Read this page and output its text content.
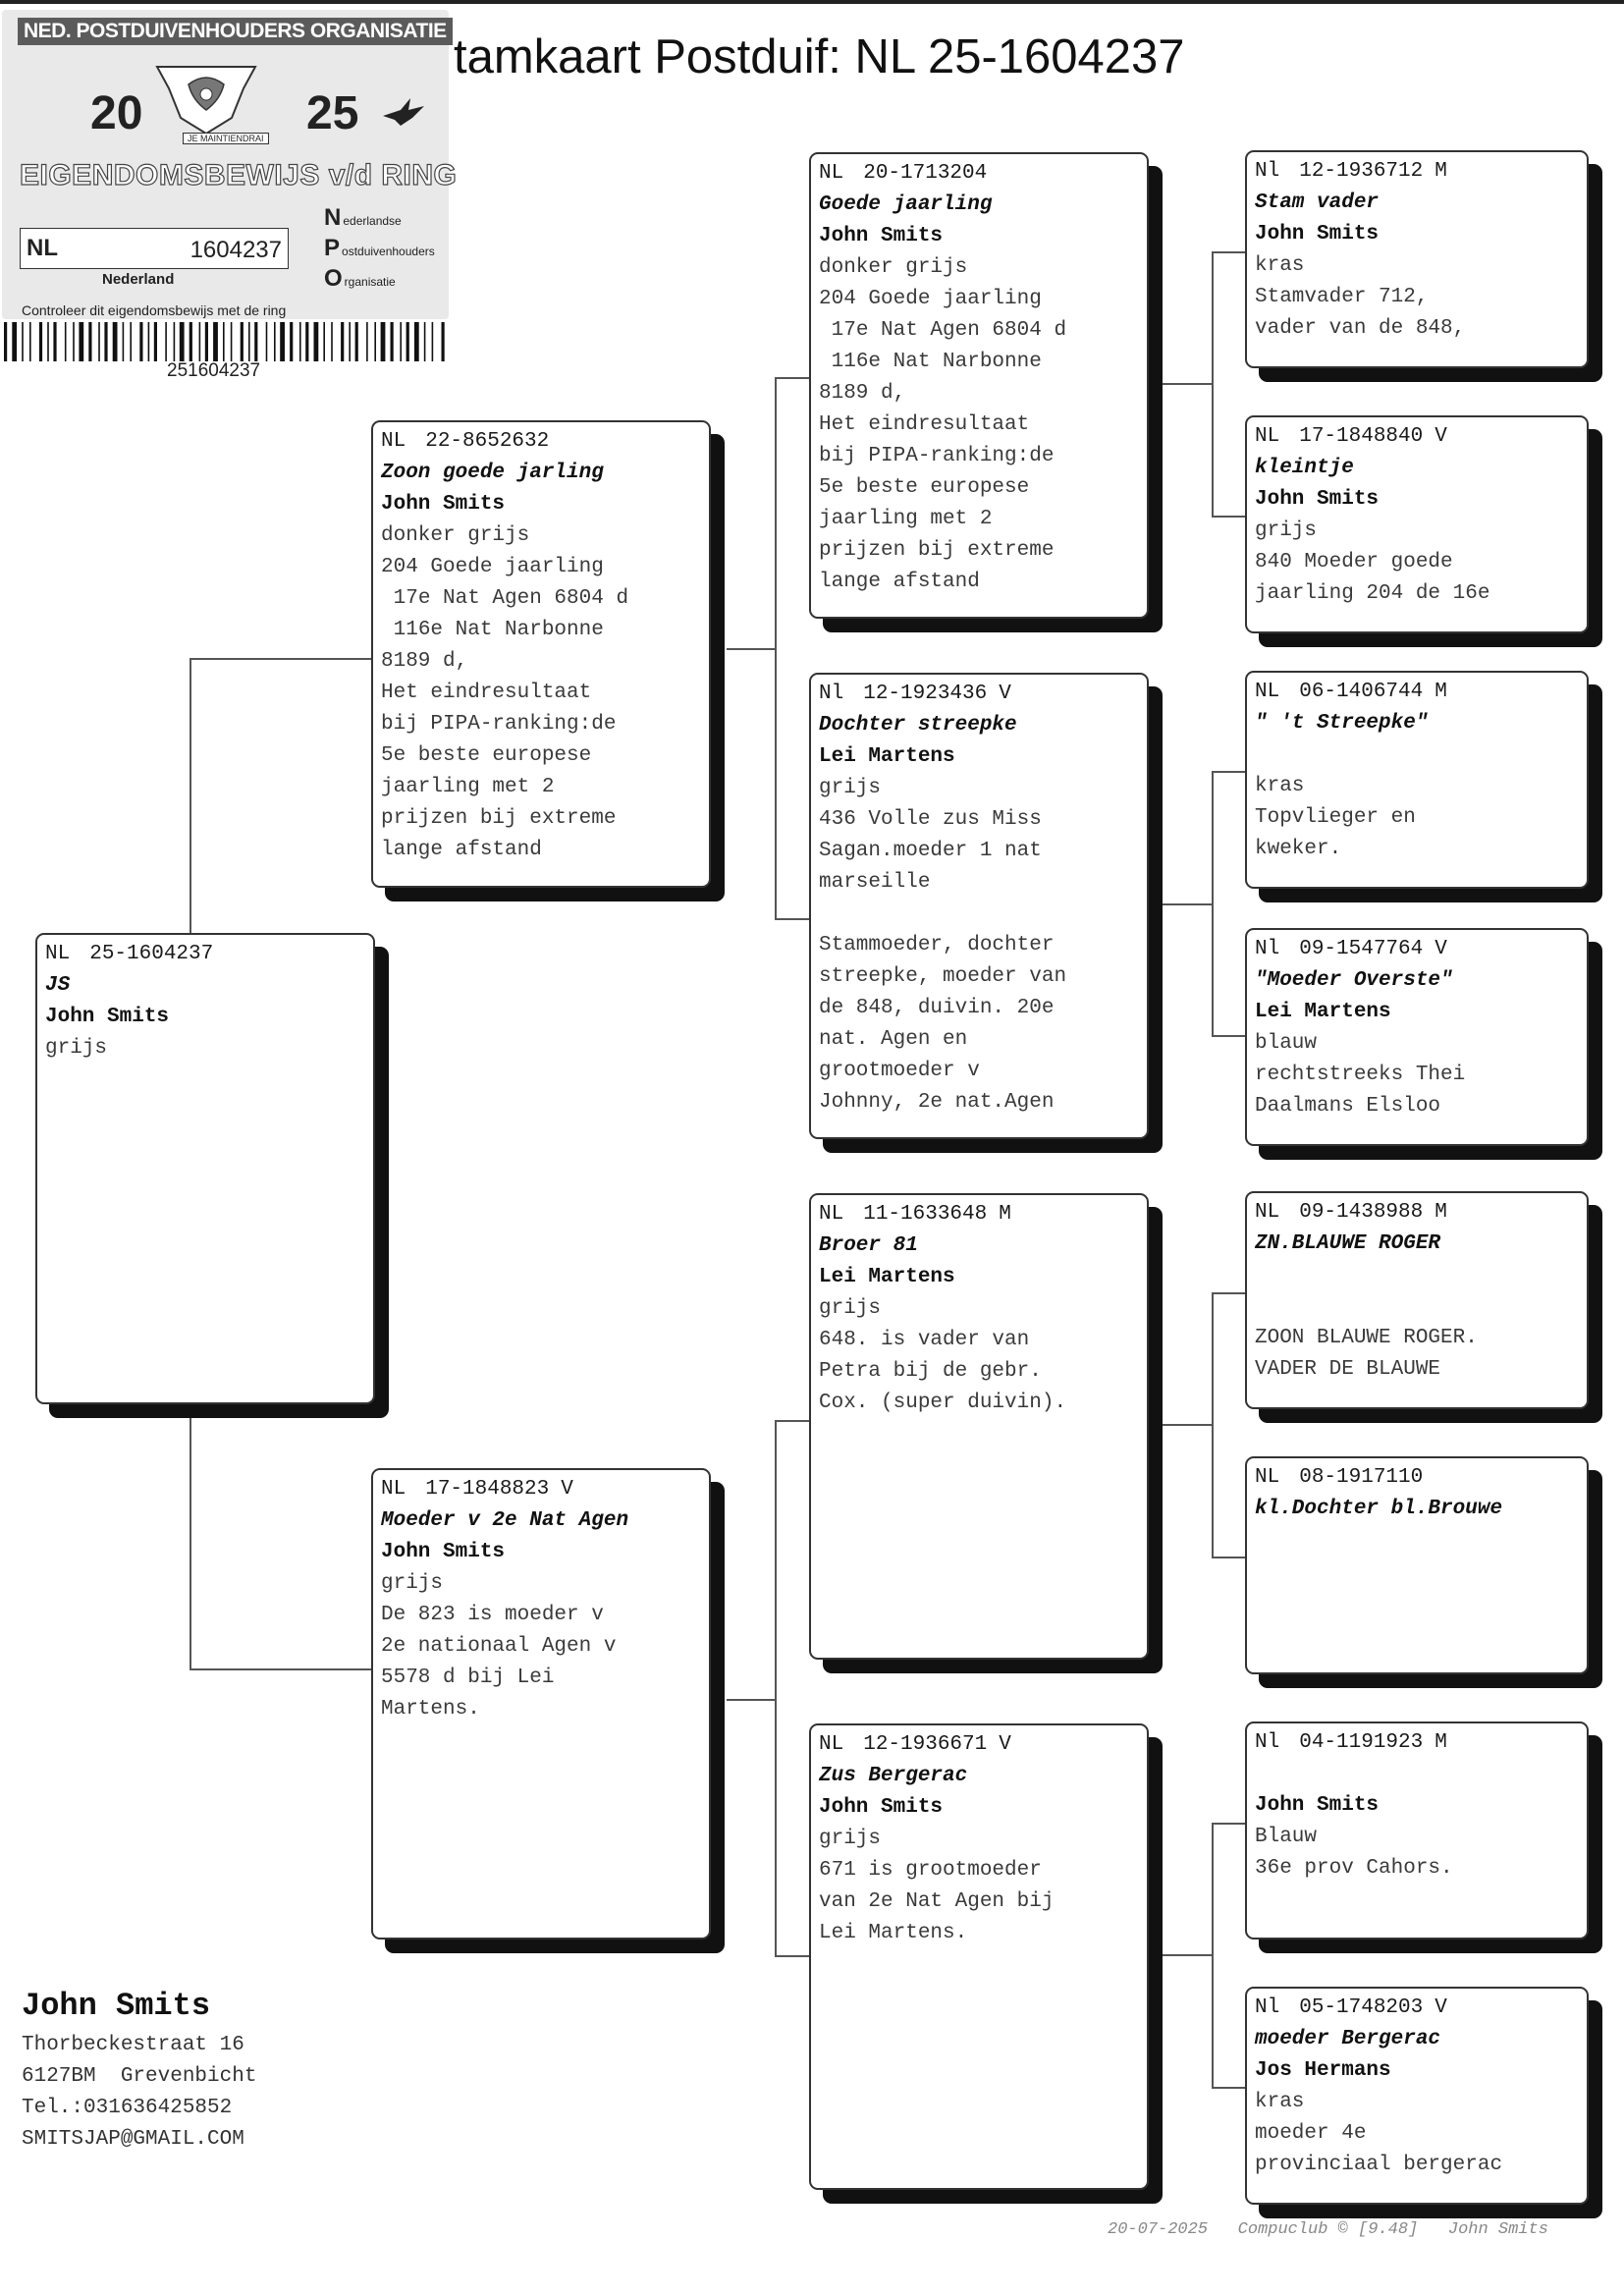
NED. POSTDUIVENHOUDERS ORGANISATIE
20	25
JE MAINTIENDRAI
EIGENDOMSBEWIJS v/d RING
NL	1604237
Nederlandse
Postduivenhouders
Organisatie
Nederland
Controleer dit eigendomsbewijs met de ring
251604237
tamkaart Postduif: NL 25-1604237
NL 25-1604237
JS
John Smits
grijs
NL 22-8652632
Zoon goede jarling
John Smits
donker grijs
204 Goede jaarling
17e Nat Agen 6804 d
116e Nat Narbonne
8189 d,
Het eindresultaat
bij PIPA-ranking:de
5e beste europese
jaarling met 2
prijzen bij extreme
lange afstand
NL 17-1848823 V
Moeder v 2e Nat Agen
John Smits
grijs
De 823 is moeder v
2e nationaal Agen v
5578 d bij Lei
Martens.
NL 20-1713204
Goede jaarling
John Smits
donker grijs
204 Goede jaarling
17e Nat Agen 6804 d
116e Nat Narbonne
8189 d,
Het eindresultaat
bij PIPA-ranking:de
5e beste europese
jaarling met 2
prijzen bij extreme
lange afstand
Nl 12-1923436 V
Dochter streepke
Lei Martens
grijs
436 Volle zus Miss
Sagan.moeder 1 nat
marseille

Stammoeder, dochter
streepke, moeder van
de 848, duivin. 20e
nat. Agen en
grootmoeder v
Johnny, 2e nat.Agen
NL 11-1633648 M
Broer 81
Lei Martens
grijs
648. is vader van
Petra bij de gebr.
Cox. (super duivin).
NL 12-1936671 V
Zus Bergerac
John Smits
grijs
671 is grootmoeder
van 2e Nat Agen bij
Lei Martens.
Nl 12-1936712 M
Stam vader
John Smits
kras
Stamvader 712,
vader van de 848,
NL 17-1848840 V
kleintje
John Smits
grijs
840 Moeder goede
jaarling 204 de 16e
NL 06-1406744 M
" 't Streepke"

kras
Topvlieger en
kweker.
Nl 09-1547764 V
"Moeder Overste"
Lei Martens
blauw
rechtstreeks Thei
Daalmans Elsloo
NL 09-1438988 M
ZN.BLAUWE ROGER

ZOON BLAUWE ROGER.
VADER DE BLAUWE
NL 08-1917110
kl.Dochter bl.Brouwe

Nl 04-1191923 M

John Smits
Blauw
36e prov Cahors.
Nl 05-1748203 V
moeder Bergerac
Jos Hermans
kras
moeder 4e
provinciaal bergerac
John Smits
Thorbeckestraat 16
6127BM  Grevenbicht
Tel.:031636425852
SMITSJAP@GMAIL.COM
20-07-2025 Compuclub © [9.48] John Smits
